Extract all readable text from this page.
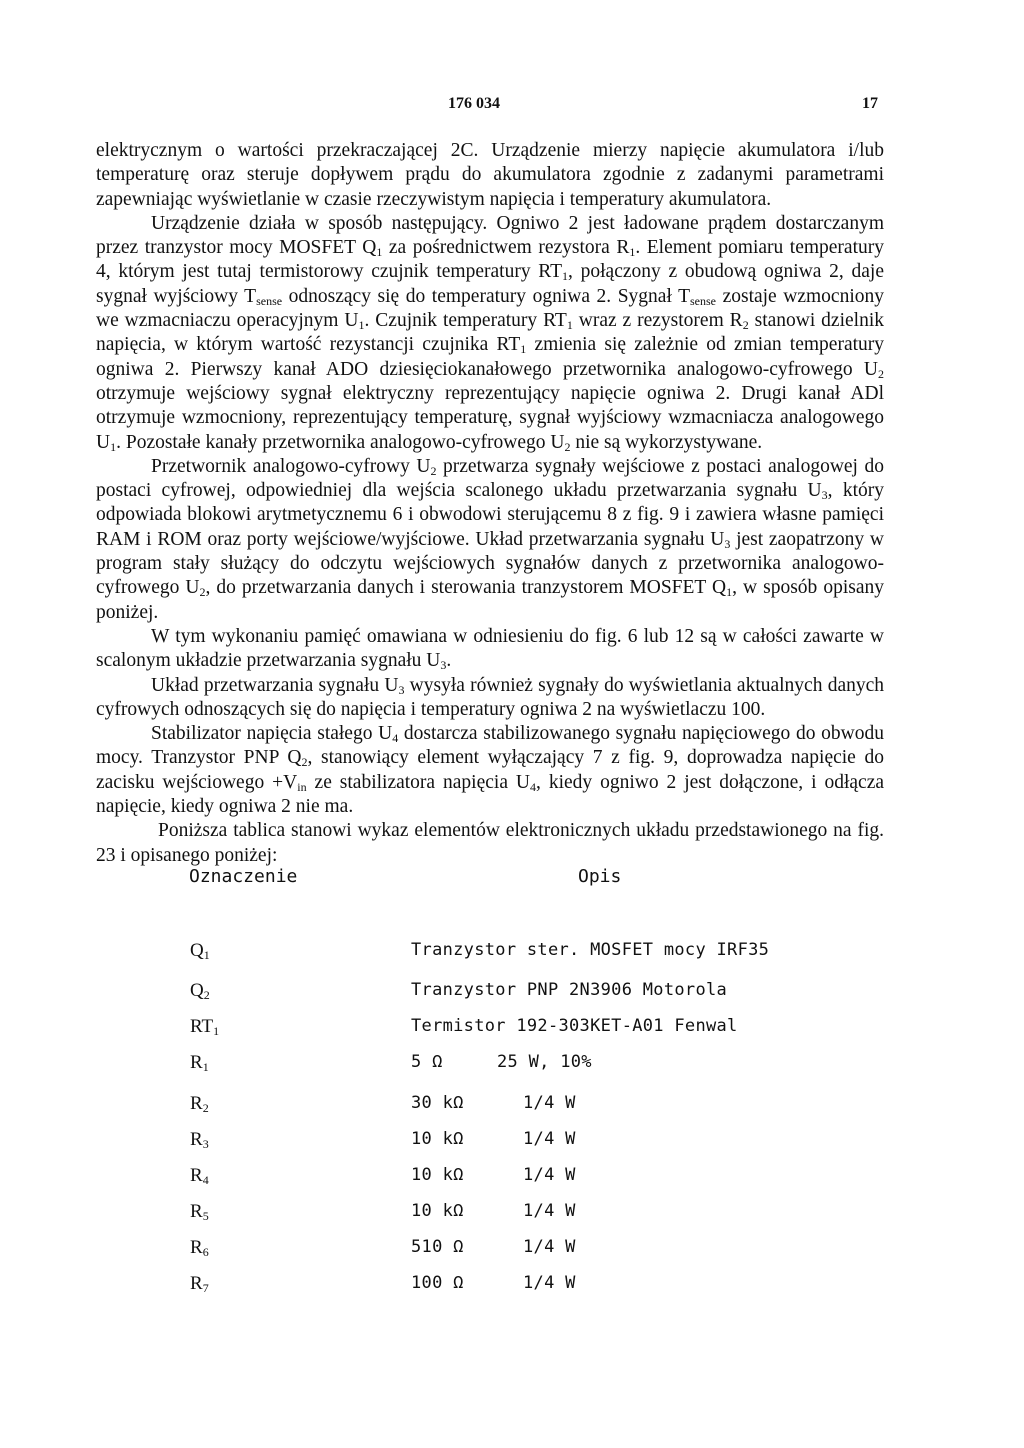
176 034	17

elektrycznym o wartości przekraczającej 2C. Urządzenie mierzy napięcie akumulatora i/lub temperaturę oraz steruje dopływem prądu do akumulatora zgodnie z zadanymi parametrami zapewniając wyświetlanie w czasie rzeczywistym napięcia i temperatury akumulatora.

Urządzenie działa w sposób następujący. Ogniwo 2 jest ładowane prądem dostarczanym przez tranzystor mocy MOSFET $Q_1$ za pośrednictwem rezystora $R_1$. Element pomiaru temperatury 4, którym jest tutaj termistorowy czujnik temperatury $RT_1$, połączony z obudową ogniwa 2, daje sygnał wyjściowy $T_{sense}$ odnoszący się do temperatury ogniwa 2. Sygnał $T_{sense}$ zostaje wzmocniony we wzmacniaczu operacyjnym $U_1$. Czujnik temperatury $RT_1$ wraz z rezystorem $R_2$ stanowi dzielnik napięcia, w którym wartość rezystancji czujnika $RT_1$ zmienia się zależnie od zmian temperatury ogniwa 2. Pierwszy kanał ADO dziesięciokanałowego przetwornika analogowo-cyfrowego $U_2$ otrzymuje wejściowy sygnał elektryczny reprezentujący napięcie ogniwa 2. Drugi kanał ADl otrzymuje wzmocniony, reprezentujący temperaturę, sygnał wyjściowy wzmacniacza analogowego $U_1$. Pozostałe kanały przetwornika analogowo-cyfrowego $U_2$ nie są wykorzystywane.

Przetwornik analogowo-cyfrowy $U_2$ przetwarza sygnały wejściowe z postaci analogowej do postaci cyfrowej, odpowiedniej dla wejścia scalonego układu przetwarzania sygnału $U_3$, który odpowiada blokowi arytmetycznemu 6 i obwodowi sterującemu 8 z fig. 9 i zawiera własne pamięci RAM i ROM oraz porty wejściowe/wyjściowe. Układ przetwarzania sygnału $U_3$ jest zaopatrzony w program stały służący do odczytu wejściowych sygnałów danych z przetwornika analogowo-cyfrowego $U_2$, do przetwarzania danych i sterowania tranzystorem MOSFET $Q_1$, w sposób opisany poniżej.

W tym wykonaniu pamięć omawiana w odniesieniu do fig. 6 lub 12 są w całości zawarte w scalonym układzie przetwarzania sygnału $U_3$.

Układ przetwarzania sygnału $U_3$ wysyła również sygnały do wyświetlania aktualnych danych cyfrowych odnoszących się do napięcia i temperatury ogniwa 2 na wyświetlaczu 100.

Stabilizator napięcia stałego $U_4$ dostarcza stabilizowanego sygnału napięciowego do obwodu mocy. Tranzystor PNP $Q_2$, stanowiący element wyłączający 7 z fig. 9, doprowadza napięcie do zacisku wejściowego $+V_{in}$ ze stabilizatora napięcia $U_4$, kiedy ogniwo 2 jest dołączone, i odłącza napięcie, kiedy ogniwa 2 nie ma.

Poniższa tablica stanowi wykaz elementów elektronicznych układu przedstawionego na fig. 23 i opisanego poniżej:

Oznaczenie	Opis
$Q_1$	Tranzystor ster. MOSFET mocy IRF35
$Q_2$	Tranzystor PNP 2N3906 Motorola
$RT_1$	Termistor 192-303KET-A01 Fenwal
$R_1$	5 Ω	25 W, 10%
$R_2$	30 kΩ	1/4 W
$R_3$	10 kΩ	1/4 W
$R_4$	10 kΩ	1/4 W
$R_5$	10 kΩ	1/4 W
$R_6$	510 Ω	1/4 W
$R_7$	100 Ω	1/4 W
